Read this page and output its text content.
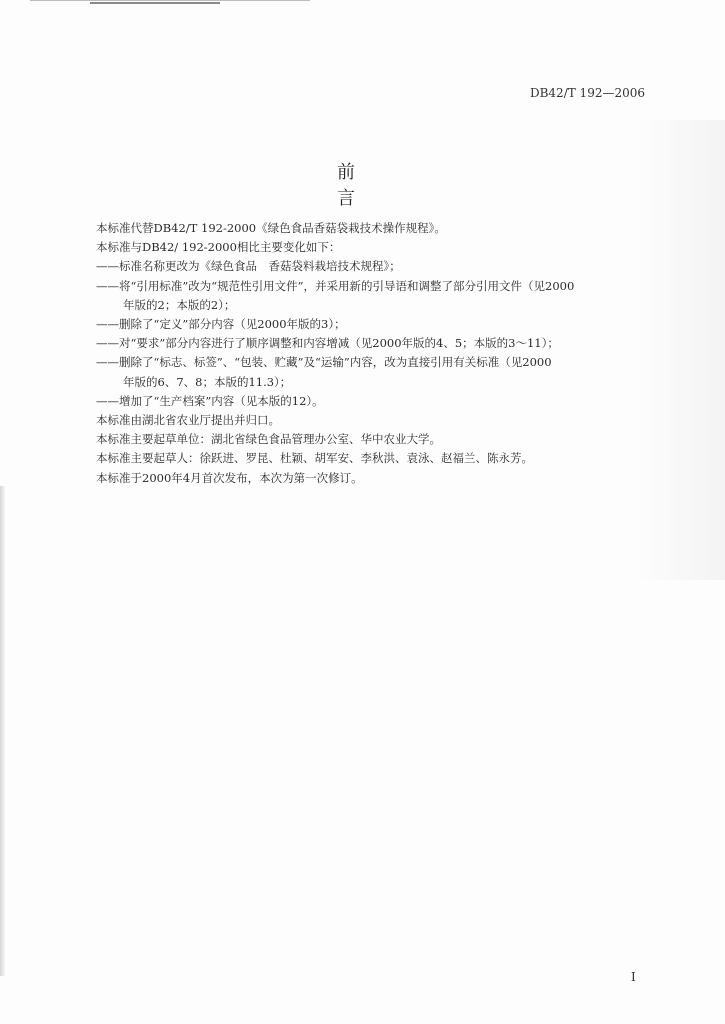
DB42/T 192—2006
前　言
本标准代替DB42/T 192-2000《绿色食品香菇袋栽技术操作规程》。
本标准与DB42/ 192-2000相比主要变化如下：
——标准名称更改为《绿色食品　香菇袋料栽培技术规程》；
——将“引用标准”改为“规范性引用文件”，并采用新的引导语和调整了部分引用文件（见2000
年版的2；本版的2）；
——删除了“定义”部分内容（见2000年版的3）；
——对“要求”部分内容进行了顺序调整和内容增减（见2000年版的4、5；本版的3～11）；
——删除了“标志、标签”、“包装、贮藏”及“运输”内容，改为直接引用有关标准（见2000
年版的6、7、8；本版的11.3）；
——增加了“生产档案”内容（见本版的12）。
本标准由湖北省农业厅提出并归口。
本标准主要起草单位：湖北省绿色食品管理办公室、华中农业大学。
本标准主要起草人：徐跃进、罗昆、杜颖、胡军安、李秋洪、袁泳、赵福兰、陈永芳。
本标准于2000年4月首次发布，本次为第一次修订。
I
